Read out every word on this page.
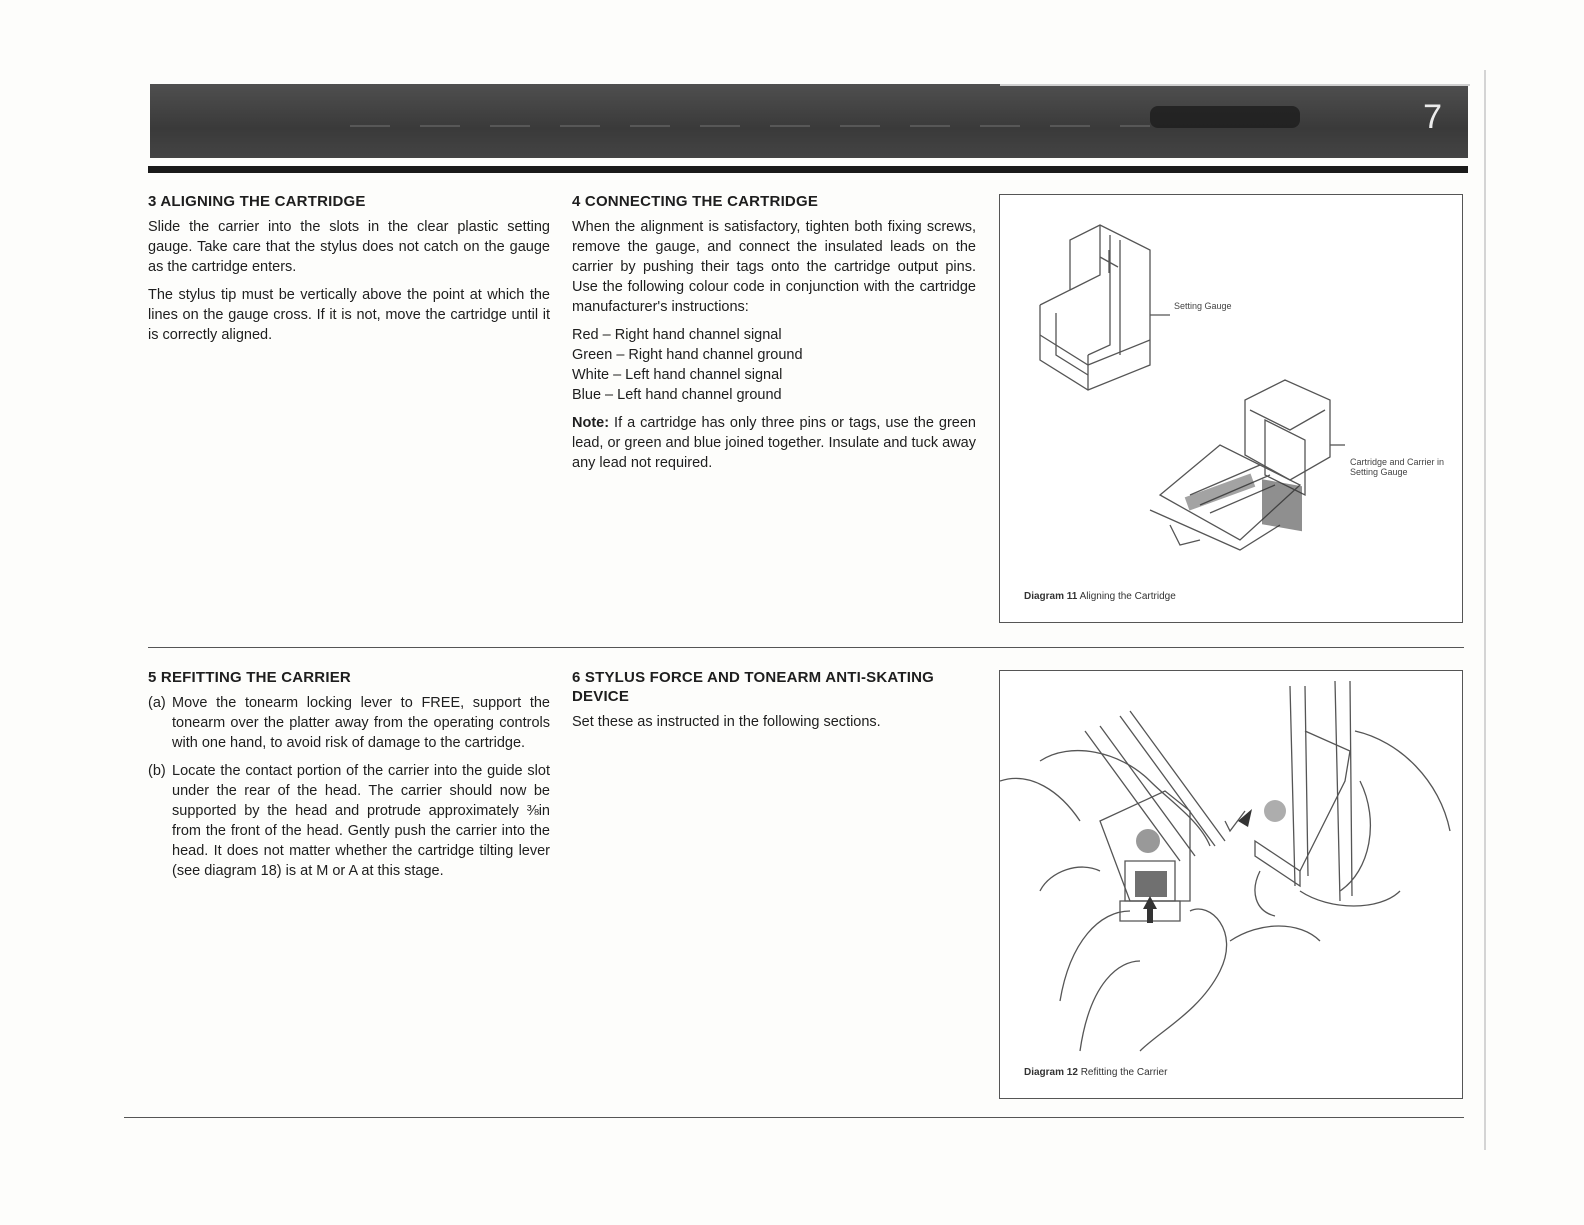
7
3 ALIGNING THE CARTRIDGE

Slide the carrier into the slots in the clear plastic setting gauge. Take care that the stylus does not catch on the gauge as the cartridge enters.

The stylus tip must be vertically above the point at which the lines on the gauge cross. If it is not, move the cartridge until it is correctly aligned.

4 CONNECTING THE CARTRIDGE

When the alignment is satisfactory, tighten both fixing screws, remove the gauge, and connect the insulated leads on the carrier by pushing their tags onto the cartridge output pins. Use the following colour code in conjunction with the cartridge manufacturer's instructions:

Red – Right hand channel signal
Green – Right hand channel ground
White – Left hand channel signal
Blue – Left hand channel ground

Note: If a cartridge has only three pins or tags, use the green lead, or green and blue joined together. Insulate and tuck away any lead not required.

Setting Gauge
Cartridge and Carrier in Setting Gauge
Diagram 11 Aligning the Cartridge
5 REFITTING THE CARRIER
(a) Move the tonearm locking lever to FREE, support the tonearm over the platter away from the operating controls with one hand, to avoid risk of damage to the cartridge.
(b) Locate the contact portion of the carrier into the guide slot under the rear of the head. The carrier should now be supported by the head and protrude approximately ⅜in from the front of the head. Gently push the carrier into the head. It does not matter whether the cartridge tilting lever (see diagram 18) is at M or A at this stage.
6 STYLUS FORCE AND TONEARM ANTI-SKATING DEVICE

Set these as instructed in the following sections.

Diagram 12 Refitting the Carrier
